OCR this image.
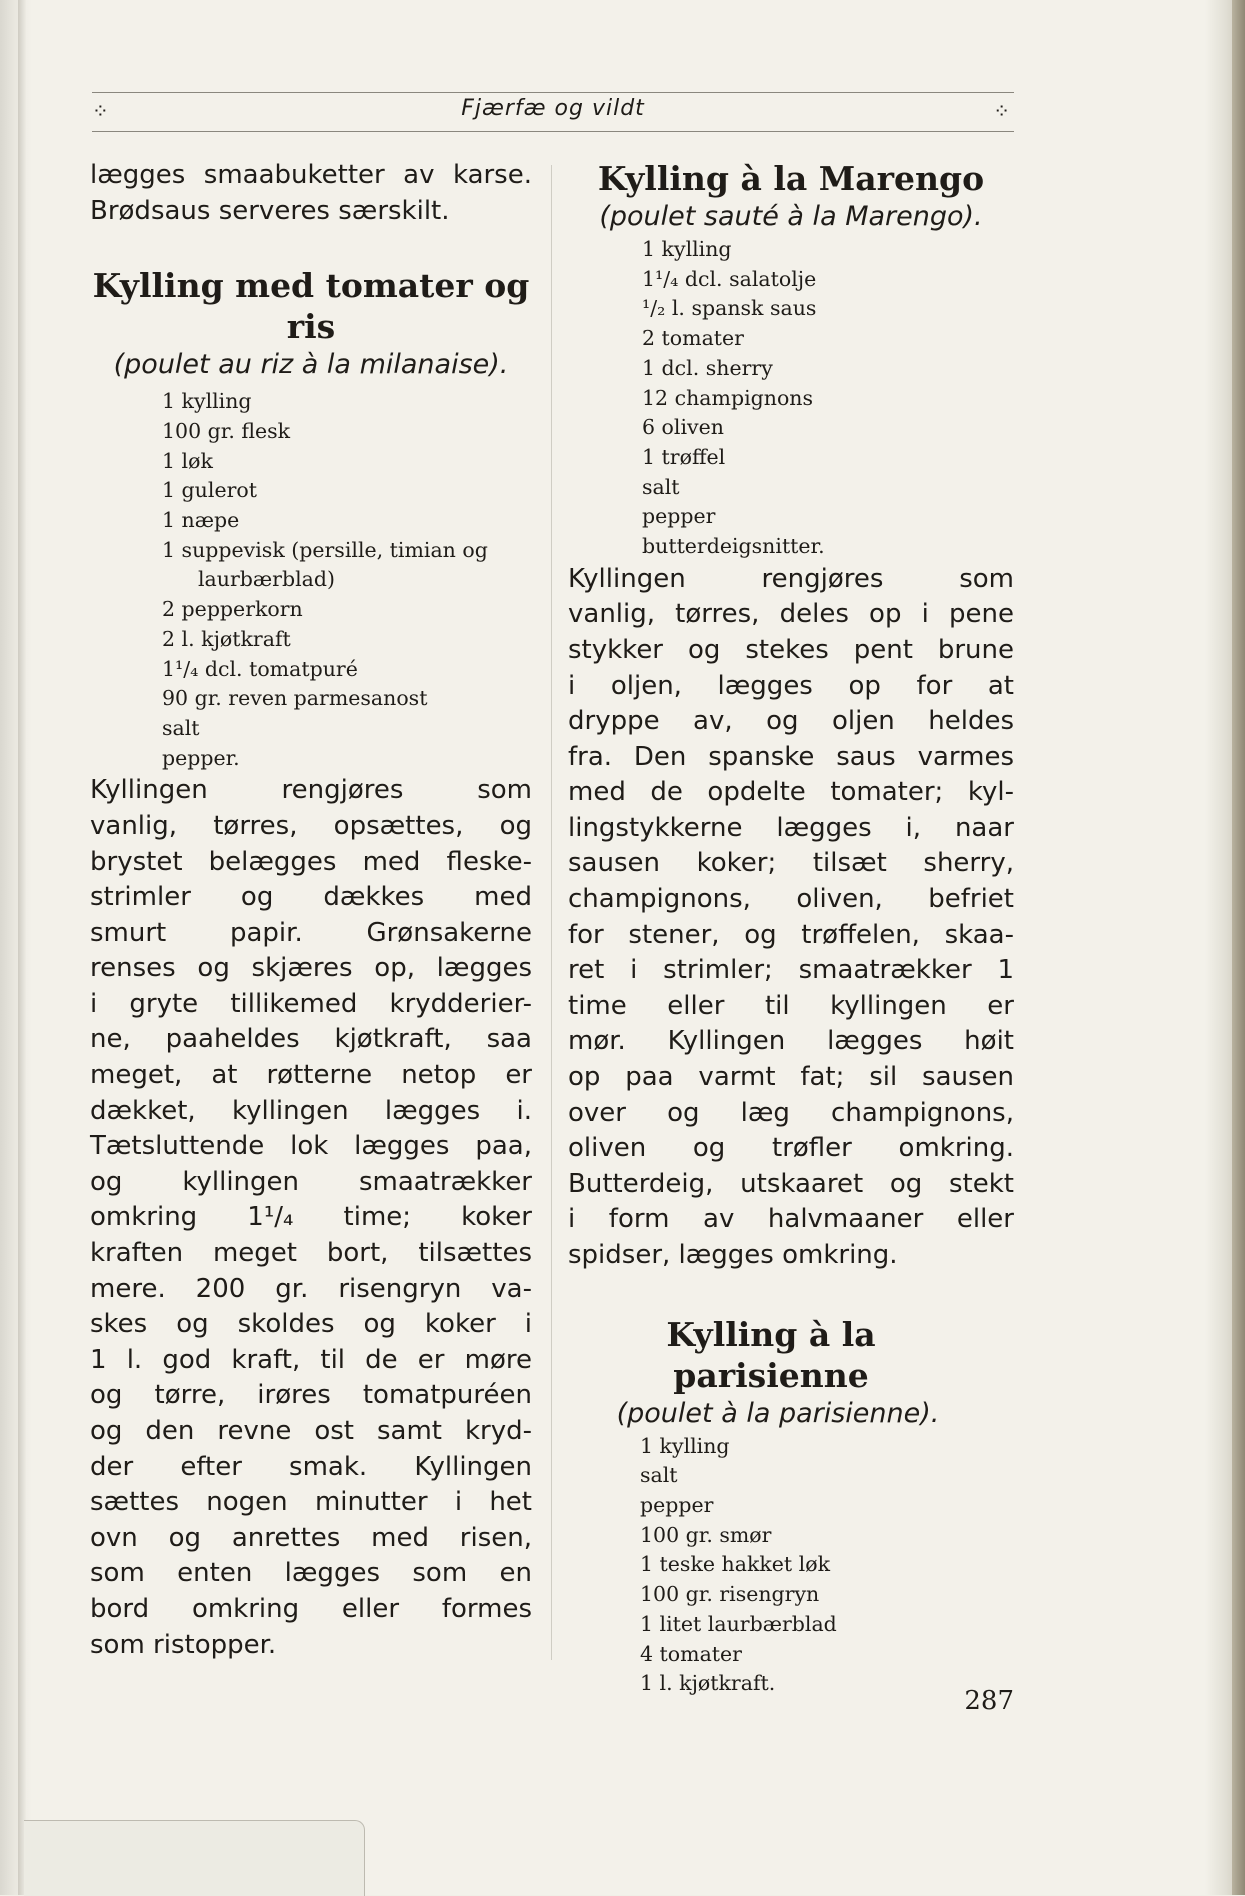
⁘	Fjærfæ og vildt	⁘
lægges smaabuketter av karse.
Brødsaus serveres særskilt.
Kylling med tomater og
ris

(poulet au riz à la milanaise).

1 kylling
100 gr. flesk
1 løk
1 gulerot
1 næpe
1 suppevisk (persille, timian og
laurbærblad)
2 pepperkorn
2 l. kjøtkraft
1¹/₄ dcl. tomatpuré
90 gr. reven parmesanost
salt
pepper.
Kyllingen rengjøres som
vanlig, tørres, opsættes, og
brystet belægges med fleske-
strimler og dækkes med
smurt papir. Grønsakerne
renses og skjæres op, lægges
i gryte tillikemed krydderier-
ne, paaheldes kjøtkraft, saa
meget, at røtterne netop er
dækket, kyllingen lægges i.
Tætsluttende lok lægges paa,
og kyllingen smaatrækker
omkring 1¹/₄ time; koker
kraften meget bort, tilsættes
mere. 200 gr. risengryn va-
skes og skoldes og koker i
1 l. god kraft, til de er møre
og tørre, irøres tomatpuréen
og den revne ost samt kryd-
der efter smak. Kyllingen
sættes nogen minutter i het
ovn og anrettes med risen,
som enten lægges som en
bord omkring eller formes
som ristopper.
Kylling à la Marengo

(poulet sauté à la Marengo).

1 kylling
1¹/₄ dcl. salatolje
¹/₂ l. spansk saus
2 tomater
1 dcl. sherry
12 champignons
6 oliven
1 trøffel
salt
pepper
butterdeigsnitter.
Kyllingen rengjøres som
vanlig, tørres, deles op i pene
stykker og stekes pent brune
i oljen, lægges op for at
dryppe av, og oljen heldes
fra. Den spanske saus varmes
med de opdelte tomater; kyl-
lingstykkerne lægges i, naar
sausen koker; tilsæt sherry,
champignons, oliven, befriet
for stener, og trøffelen, skaa-
ret i strimler; smaatrækker 1
time eller til kyllingen er
mør. Kyllingen lægges høit
op paa varmt fat; sil sausen
over og læg champignons,
oliven og trøfler omkring.
Butterdeig, utskaaret og stekt
i form av halvmaaner eller
spidser, lægges omkring.
Kylling à la parisienne

(poulet à la parisienne).

1 kylling
salt
pepper
100 gr. smør
1 teske hakket løk
100 gr. risengryn
1 litet laurbærblad
4 tomater
1 l. kjøtkraft.
287
